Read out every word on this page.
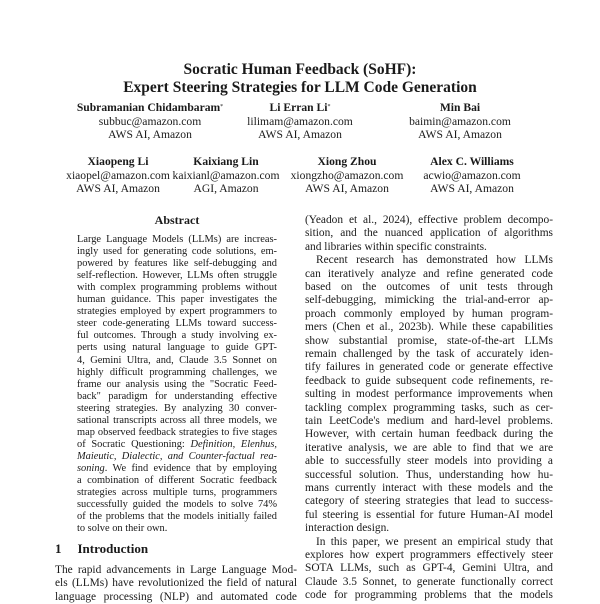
Socratic Human Feedback (SoHF):
Expert Steering Strategies for LLM Code Generation
Subramanian Chidambaram*
subbuc@amazon.com
AWS AI, Amazon
Li Erran Li*
lilimam@amazon.com
AWS AI, Amazon
Min Bai
baimin@amazon.com
AWS AI, Amazon
Xiaopeng Li
xiaopel@amazon.com
AWS AI, Amazon
Kaixiang Lin
kaixianl@amazon.com
AGI, Amazon
Xiong Zhou
xiongzho@amazon.com
AWS AI, Amazon
Alex C. Williams
acwio@amazon.com
AWS AI, Amazon
Abstract
Large Language Models (LLMs) are increas-
ingly used for generating code solutions, em-
powered by features like self-debugging and
self-reflection. However, LLMs often struggle
with complex programming problems without
human guidance. This paper investigates the
strategies employed by expert programmers to
steer code-generating LLMs toward success-
ful outcomes. Through a study involving ex-
perts using natural language to guide GPT-
4, Gemini Ultra, and, Claude 3.5 Sonnet on
highly difficult programming challenges, we
frame our analysis using the "Socratic Feed-
back" paradigm for understanding effective
steering strategies. By analyzing 30 conver-
sational transcripts across all three models, we
map observed feedback strategies to five stages
of Socratic Questioning: Definition, Elenhus,
Maieutic, Dialectic, and Counter-factual rea-
soning. We find evidence that by employing
a combination of different Socratic feedback
strategies across multiple turns, programmers
successfully guided the models to solve 74%
of the problems that the models initially failed
to solve on their own.
1 Introduction
The rapid advancements in Large Language Mod-
els (LLMs) have revolutionized the field of natural
language processing (NLP) and automated code
(Yeadon et al., 2024), effective problem decompo-
sition, and the nuanced application of algorithms
and libraries within specific constraints.
Recent research has demonstrated how LLMs
can iteratively analyze and refine generated code
based on the outcomes of unit tests through
self-debugging, mimicking the trial-and-error ap-
proach commonly employed by human program-
mers (Chen et al., 2023b). While these capabilities
show substantial promise, state-of-the-art LLMs
remain challenged by the task of accurately iden-
tify failures in generated code or generate effective
feedback to guide subsequent code refinements, re-
sulting in modest performance improvements when
tackling complex programming tasks, such as cer-
tain LeetCode's medium and hard-level problems.
However, with certain human feedback during the
iterative analysis, we are able to find that we are
able to successfully steer models into providing a
successful solution. Thus, understanding how hu-
mans currently interact with these models and the
category of steering strategies that lead to success-
ful steering is essential for future Human-AI model
interaction design.
In this paper, we present an empirical study that
explores how expert programmers effectively steer
SOTA LLMs, such as GPT-4, Gemini Ultra, and
Claude 3.5 Sonnet, to generate functionally correct
code for programming problems that the models
